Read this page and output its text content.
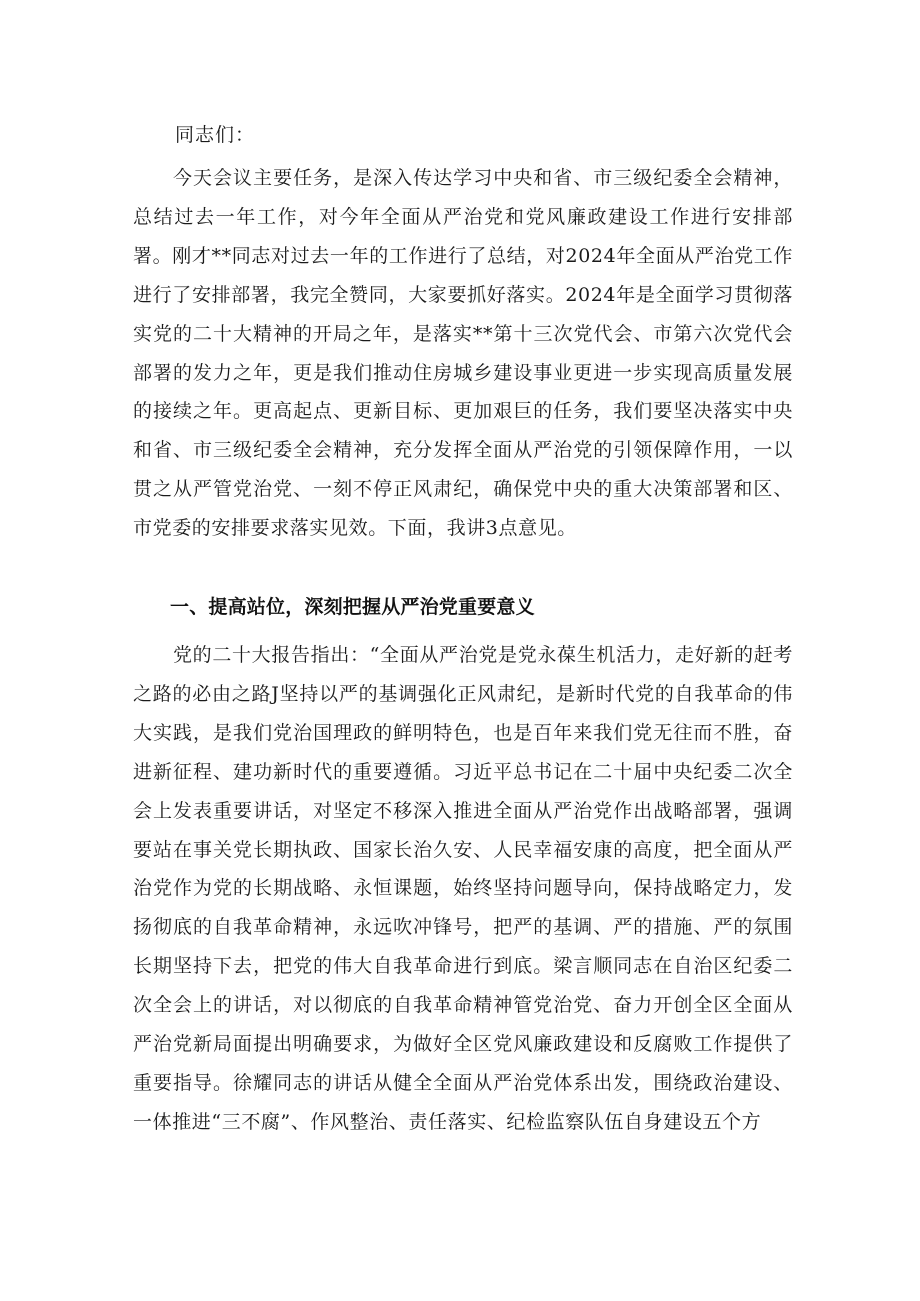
同志们：

今天会议主要任务，是深入传达学习中央和省、市三级纪委全会精神，总结过去一年工作，对今年全面从严治党和党风廉政建设工作进行安排部署。刚才**同志对过去一年的工作进行了总结，对2024年全面从严治党工作进行了安排部署，我完全赞同，大家要抓好落实。2024年是全面学习贯彻落实党的二十大精神的开局之年，是落实**第十三次党代会、市第六次党代会部署的发力之年，更是我们推动住房城乡建设事业更进一步实现高质量发展的接续之年。更高起点、更新目标、更加艰巨的任务，我们要坚决落实中央和省、市三级纪委全会精神，充分发挥全面从严治党的引领保障作用，一以贯之从严管党治党、一刻不停正风肃纪，确保党中央的重大决策部署和区、市党委的安排要求落实见效。下面，我讲3点意见。

一、提高站位，深刻把握从严治党重要意义

党的二十大报告指出：“全面从严治党是党永葆生机活力，走好新的赶考之路的必由之路J坚持以严的基调强化正风肃纪，是新时代党的自我革命的伟大实践，是我们党治国理政的鲜明特色，也是百年来我们党无往而不胜，奋进新征程、建功新时代的重要遵循。习近平总书记在二十届中央纪委二次全会上发表重要讲话，对坚定不移深入推进全面从严治党作出战略部署，强调要站在事关党长期执政、国家长治久安、人民幸福安康的高度，把全面从严治党作为党的长期战略、永恒课题，始终坚持问题导向，保持战略定力，发扬彻底的自我革命精神，永远吹冲锋号，把严的基调、严的措施、严的氛围长期坚持下去，把党的伟大自我革命进行到底。梁言顺同志在自治区纪委二次全会上的讲话，对以彻底的自我革命精神管党治党、奋力开创全区全面从严治党新局面提出明确要求，为做好全区党风廉政建设和反腐败工作提供了重要指导。徐耀同志的讲话从健全全面从严治党体系出发，围绕政治建设、一体推进“三不腐”、作风整治、责任落实、纪检监察队伍自身建设五个方
